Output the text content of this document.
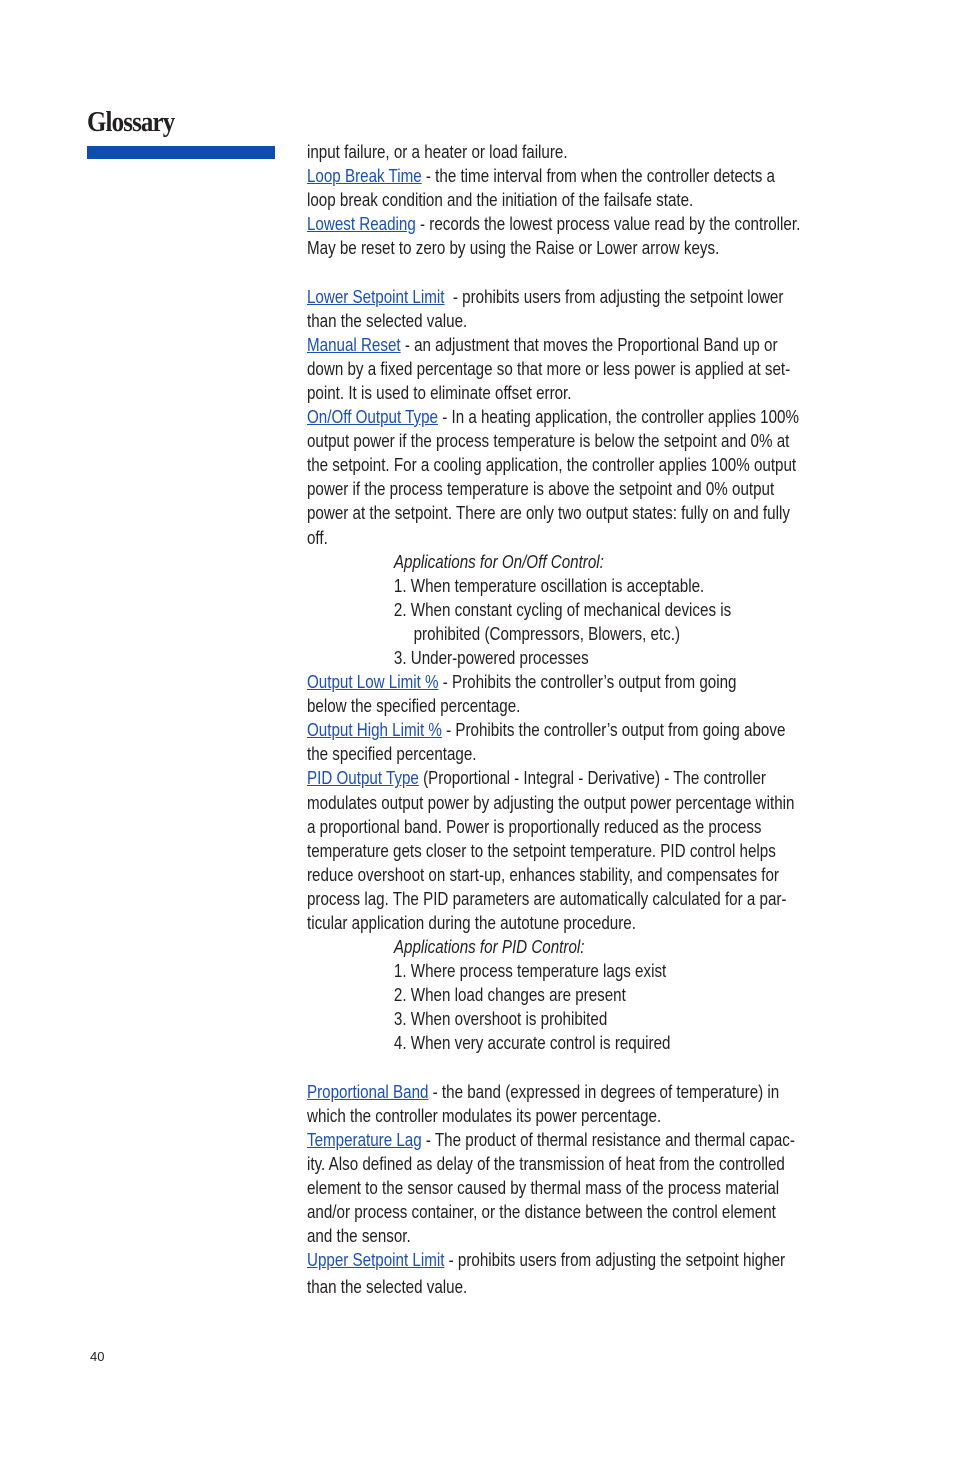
Glossary
input failure, or a heater or load failure.
Loop Break Time - the time interval from when the controller detects a
loop break condition and the initiation of the failsafe state.
Lowest Reading - records the lowest process value read by the controller.
May be reset to zero by using the Raise or Lower arrow keys.
Lower Setpoint Limit  - prohibits users from adjusting the setpoint lower
than the selected value.
Manual Reset - an adjustment that moves the Proportional Band up or
down by a fixed percentage so that more or less power is applied at set-
point. It is used to eliminate offset error.
On/Off Output Type - In a heating application, the controller applies 100%
output power if the process temperature is below the setpoint and 0% at
the setpoint. For a cooling application, the controller applies 100% output
power if the process temperature is above the setpoint and 0% output
power at the setpoint. There are only two output states: fully on and fully
off.
Applications for On/Off Control:
1. When temperature oscillation is acceptable.
2. When constant cycling of mechanical devices is
prohibited (Compressors, Blowers, etc.)
3. Under-powered processes
Output Low Limit % - Prohibits the controller’s output from going
below the specified percentage.
Output High Limit % - Prohibits the controller’s output from going above
the specified percentage.
PID Output Type (Proportional - Integral - Derivative) - The controller
modulates output power by adjusting the output power percentage within
a proportional band. Power is proportionally reduced as the process
temperature gets closer to the setpoint temperature. PID control helps
reduce overshoot on start-up, enhances stability, and compensates for
process lag. The PID parameters are automatically calculated for a par-
ticular application during the autotune procedure.
Applications for PID Control:
1. Where process temperature lags exist
2. When load changes are present
3. When overshoot is prohibited
4. When very accurate control is required
Proportional Band - the band (expressed in degrees of temperature) in
which the controller modulates its power percentage.
Temperature Lag - The product of thermal resistance and thermal capac-
ity. Also defined as delay of the transmission of heat from the controlled
element to the sensor caused by thermal mass of the process material
and/or process container, or the distance between the control element
and the sensor.
Upper Setpoint Limit - prohibits users from adjusting the setpoint higher
than the selected value.
40
